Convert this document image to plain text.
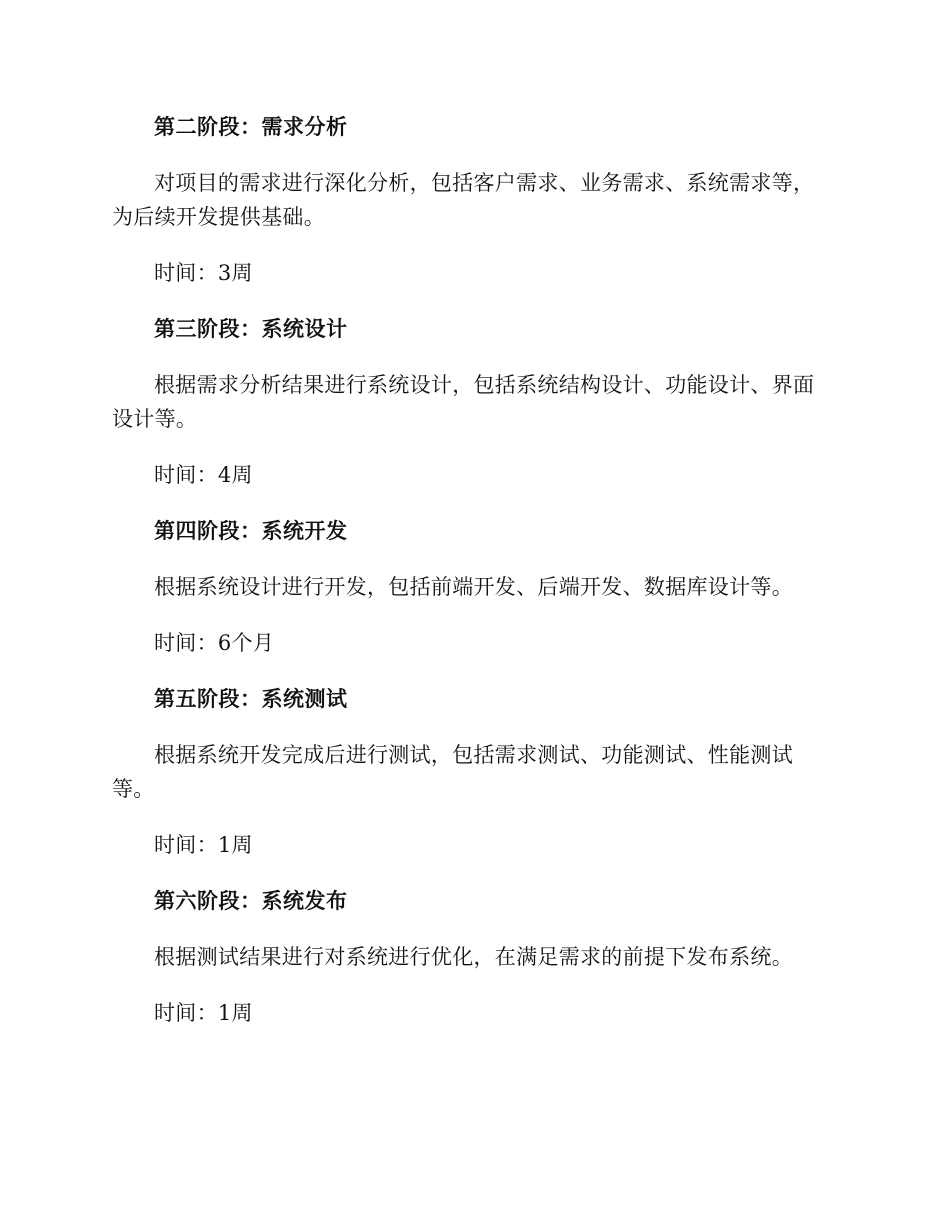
第二阶段：需求分析

对项目的需求进行深化分析，包括客户需求、业务需求、系统需求等，为后续开发提供基础。

时间：3周

第三阶段：系统设计

根据需求分析结果进行系统设计，包括系统结构设计、功能设计、界面设计等。

时间：4周

第四阶段：系统开发

根据系统设计进行开发，包括前端开发、后端开发、数据库设计等。

时间：6个月

第五阶段：系统测试

根据系统开发完成后进行测试，包括需求测试、功能测试、性能测试等。

时间：1周

第六阶段：系统发布

根据测试结果进行对系统进行优化，在满足需求的前提下发布系统。

时间：1周
